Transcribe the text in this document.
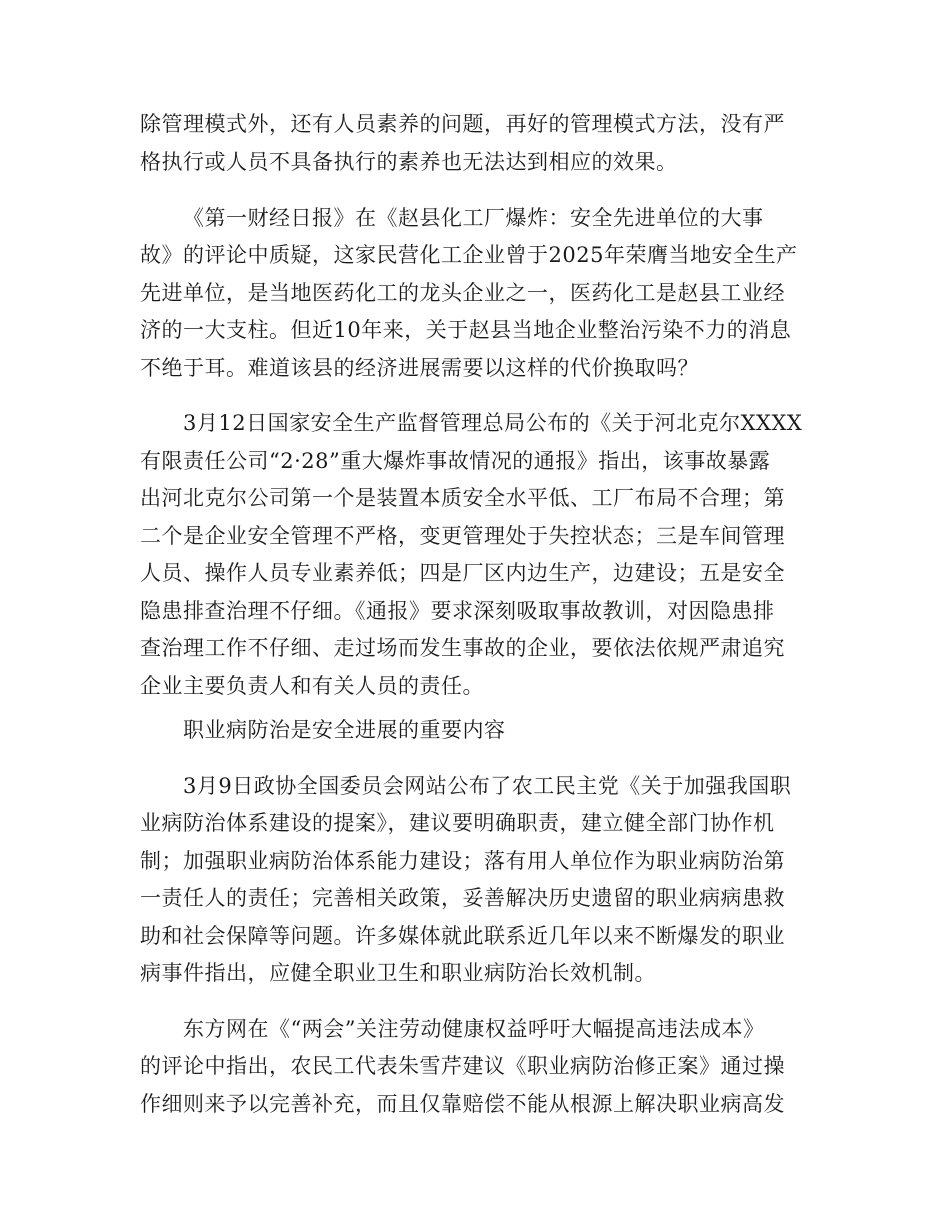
除管理模式外，还有人员素养的问题，再好的管理模式方法，没有严
格执行或人员不具备执行的素养也无法达到相应的效果。
《第一财经日报》在《赵县化工厂爆炸：安全先进单位的大事
故》的评论中质疑，这家民营化工企业曾于2025年荣膺当地安全生产
先进单位，是当地医药化工的龙头企业之一，医药化工是赵县工业经
济的一大支柱。但近10年来，关于赵县当地企业整治污染不力的消息
不绝于耳。难道该县的经济进展需要以这样的代价换取吗？
3月12日国家安全生产监督管理总局公布的《关于河北克尔XXXX
有限责任公司“2·28”重大爆炸事故情况的通报》指出，该事故暴露
出河北克尔公司第一个是装置本质安全水平低、工厂布局不合理；第
二个是企业安全管理不严格，变更管理处于失控状态；三是车间管理
人员、操作人员专业素养低；四是厂区内边生产，边建设；五是安全
隐患排查治理不仔细。《通报》要求深刻吸取事故教训，对因隐患排
查治理工作不仔细、走过场而发生事故的企业，要依法依规严肃追究
企业主要负责人和有关人员的责任。
职业病防治是安全进展的重要内容
3月9日政协全国委员会网站公布了农工民主党《关于加强我国职
业病防治体系建设的提案》，建议要明确职责，建立健全部门协作机
制；加强职业病防治体系能力建设；落有用人单位作为职业病防治第
一责任人的责任；完善相关政策，妥善解决历史遗留的职业病病患救
助和社会保障等问题。许多媒体就此联系近几年以来不断爆发的职业
病事件指出，应健全职业卫生和职业病防治长效机制。
东方网在《“两会”关注劳动健康权益呼吁大幅提高违法成本》
的评论中指出，农民工代表朱雪芹建议《职业病防治修正案》通过操
作细则来予以完善补充，而且仅靠赔偿不能从根源上解决职业病高发
